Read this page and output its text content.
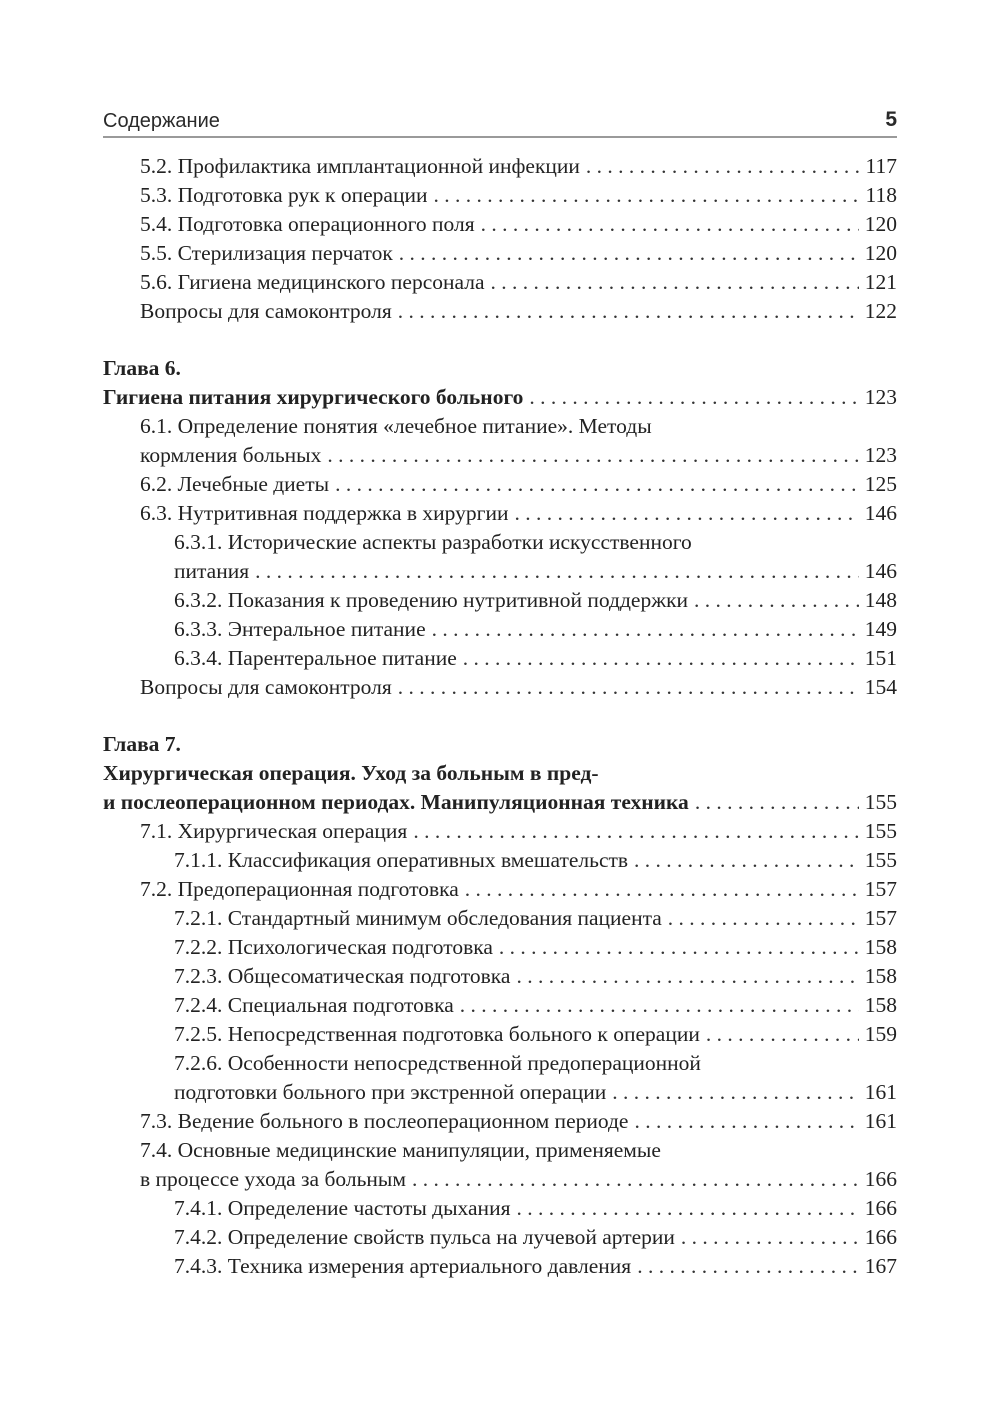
Содержание	5
5.2. Профилактика имплантационной инфекции . . .	117
5.3. Подготовка рук к операции . . .	118
5.4. Подготовка операционного поля . . .	120
5.5. Стерилизация перчаток . . .	120
5.6. Гигиена медицинского персонала . . .	121
Вопросы для самоконтроля . . .	122
Глава 6.
Гигиена питания хирургического больного . . .	123
6.1. Определение понятия «лечебное питание». Методы
кормления больных . . .	123
6.2. Лечебные диеты . . .	125
6.3. Нутритивная поддержка в хирургии . . .	146
6.3.1. Исторические аспекты разработки искусственного
питания . . .	146
6.3.2. Показания к проведению нутритивной поддержки . . .	148
6.3.3. Энтеральное питание . . .	149
6.3.4. Парентеральное питание . . .	151
Вопросы для самоконтроля . . .	154
Глава 7.
Хирургическая операция. Уход за больным в пред-
и послеоперационном периодах. Манипуляционная техника . . .	155
7.1. Хирургическая операция . . .	155
7.1.1. Классификация оперативных вмешательств . . .	155
7.2. Предоперационная подготовка . . .	157
7.2.1. Стандартный минимум обследования пациента . . .	157
7.2.2. Психологическая подготовка . . .	158
7.2.3. Общесоматическая подготовка . . .	158
7.2.4. Специальная подготовка . . .	158
7.2.5. Непосредственная подготовка больного к операции . . .	159
7.2.6. Особенности непосредственной предоперационной
подготовки больного при экстренной операции . . .	161
7.3. Ведение больного в послеоперационном периоде . . .	161
7.4. Основные медицинские манипуляции, применяемые
в процессе ухода за больным . . .	166
7.4.1. Определение частоты дыхания . . .	166
7.4.2. Определение свойств пульса на лучевой артерии . . .	166
7.4.3. Техника измерения артериального давления . . .	167
